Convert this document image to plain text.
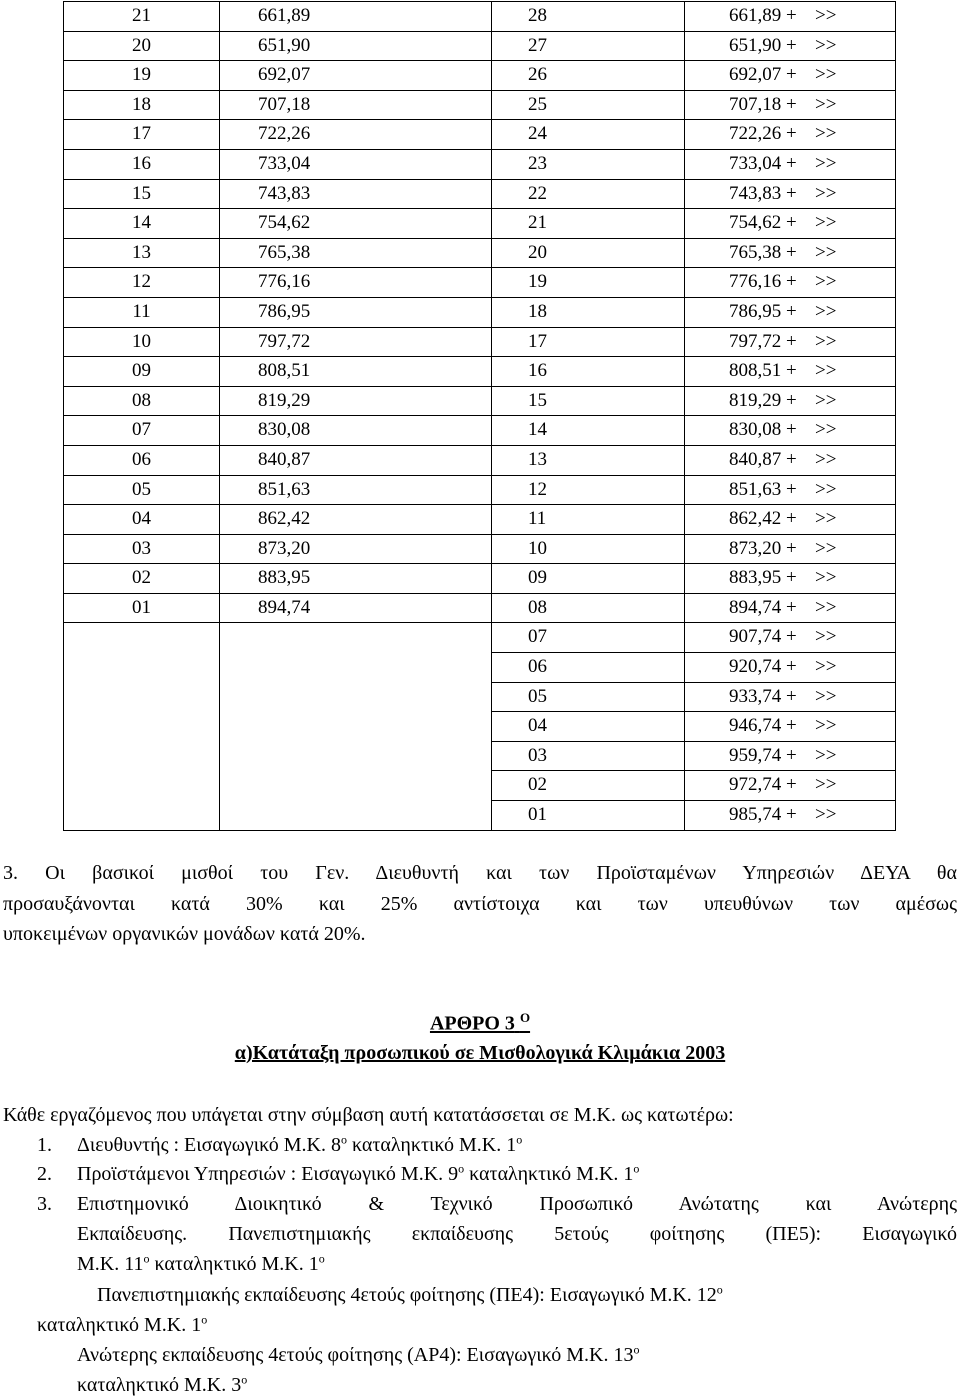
21	661,89	28	661,89 + >>
20	651,90	27	651,90 + >>
19	692,07	26	692,07 + >>
18	707,18	25	707,18 + >>
17	722,26	24	722,26 + >>
16	733,04	23	733,04 + >>
15	743,83	22	743,83 + >>
14	754,62	21	754,62 + >>
13	765,38	20	765,38 + >>
12	776,16	19	776,16 + >>
11	786,95	18	786,95 + >>
10	797,72	17	797,72 + >>
09	808,51	16	808,51 + >>
08	819,29	15	819,29 + >>
07	830,08	14	830,08 + >>
06	840,87	13	840,87 + >>
05	851,63	12	851,63 + >>
04	862,42	11	862,42 + >>
03	873,20	10	873,20 + >>
02	883,95	09	883,95 + >>
01	894,74	08	894,74 + >>
		07	907,74 + >>
		06	920,74 + >>
		05	933,74 + >>
		04	946,74 + >>
		03	959,74 + >>
		02	972,74 + >>
		01	985,74 + >>
3. Οι βασικοί μισθοί του Γεν. Διευθυντή και των Προϊσταμένων Υπηρεσιών ΔΕΥΑ θα
προσαυξάνονται κατά 30% και 25% αντίστοιχα και των υπευθύνων των αμέσως
υποκειμένων οργανικών μονάδων κατά 20%.
ΑΡΘΡΟ 3 $^O$
α)Κατάταξη προσωπικού σε Μισθολογικά Κλιμάκια 2003
Κάθε εργαζόμενος που υπάγεται στην σύμβαση αυτή κατατάσσεται σε Μ.Κ. ως κατωτέρω:
1. Διευθυντής : Εισαγωγικό Μ.Κ. $8^o$ καταληκτικό Μ.Κ. $1^o$
2. Προϊστάμενοι Υπηρεσιών : Εισαγωγικό Μ.Κ. $9^o$ καταληκτικό Μ.Κ. $1^o$
3. Επιστημονικό Διοικητικό & Τεχνικό Προσωπικό Ανώτατης και Ανώτερης
Εκπαίδευσης. Πανεπιστημιακής εκπαίδευσης 5ετούς φοίτησης (ΠΕ5): Εισαγωγικό
Μ.Κ. $11^o$ καταληκτικό Μ.Κ. $1^o$
Πανεπιστημιακής εκπαίδευσης 4ετούς φοίτησης (ΠΕ4): Εισαγωγικό Μ.Κ. $12^o$
καταληκτικό Μ.Κ. $1^o$
Ανώτερης εκπαίδευσης 4ετούς φοίτησης (ΑΡ4): Εισαγωγικό Μ.Κ. $13^o$
καταληκτικό Μ.Κ. $3^o$
